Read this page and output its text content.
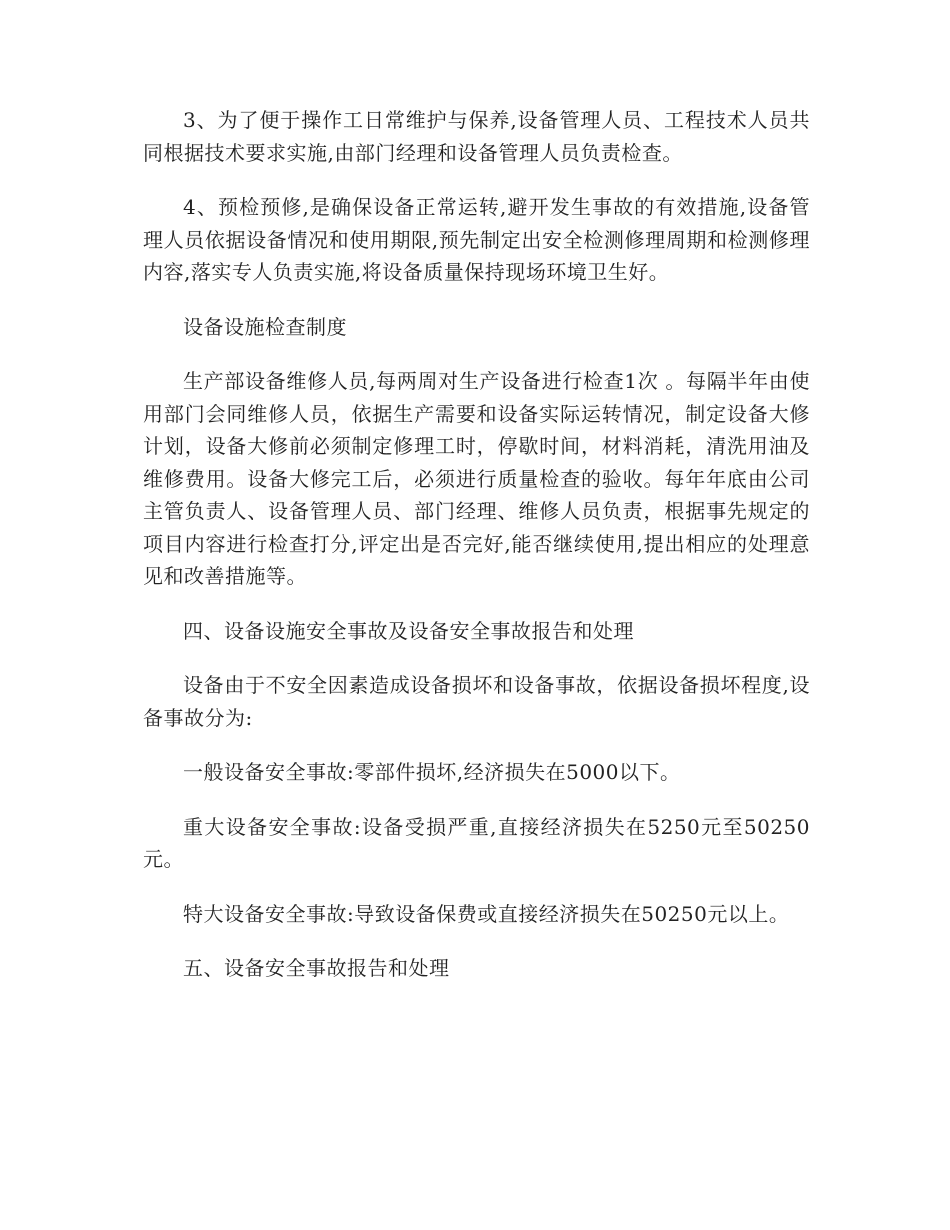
3、为了便于操作工日常维护与保养,设备管理人员、工程技术人员共同根据技术要求实施,由部门经理和设备管理人员负责检查。

4、预检预修,是确保设备正常运转,避开发生事故的有效措施,设备管理人员依据设备情况和使用期限,预先制定出安全检测修理周期和检测修理内容,落实专人负责实施,将设备质量保持现场环境卫生好。

设备设施检查制度

生产部设备维修人员,每两周对生产设备进行检查1次 。每隔半年由使用部门会同维修人员，依据生产需要和设备实际运转情况，制定设备大修计划，设备大修前必须制定修理工时，停歇时间，材料消耗，清洗用油及维修费用。设备大修完工后，必须进行质量检查的验收。每年年底由公司主管负责人、设备管理人员、部门经理、维修人员负责，根据事先规定的项目内容进行检查打分,评定出是否完好,能否继续使用,提出相应的处理意见和改善措施等。

四、设备设施安全事故及设备安全事故报告和处理

设备由于不安全因素造成设备损坏和设备事故，依据设备损坏程度,设备事故分为:

一般设备安全事故:零部件损坏,经济损失在5000以下。

重大设备安全事故:设备受损严重,直接经济损失在5250元至50250元。

特大设备安全事故:导致设备保费或直接经济损失在50250元以上。

五、设备安全事故报告和处理
